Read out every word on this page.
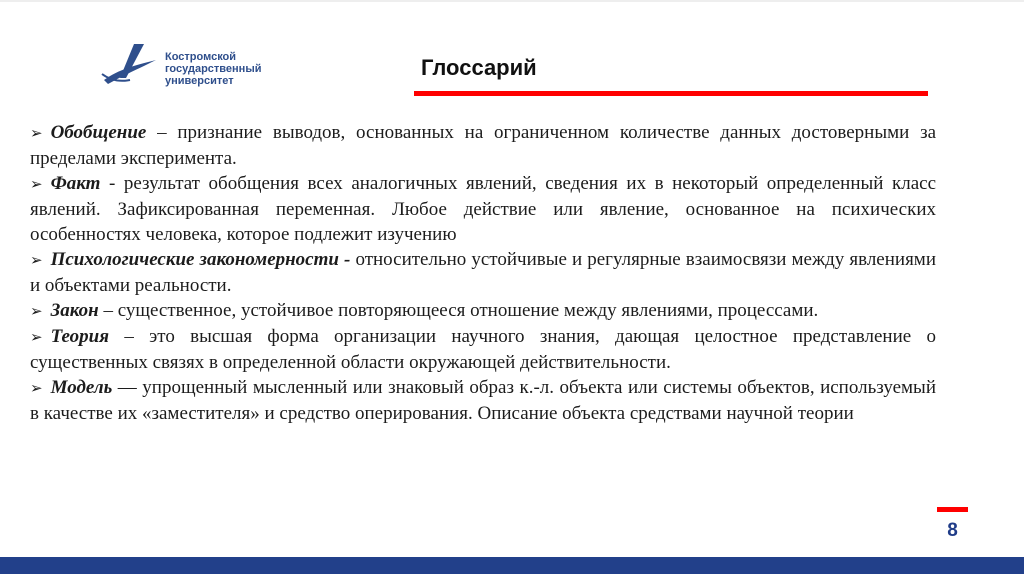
Костромской
государственный
университет
Глоссарий

➢ Обобщение – признание выводов, основанных на ограниченном количестве данных достоверными за пределами эксперимента.

➢ Факт - результат обобщения всех аналогичных явлений, сведения их в некоторый определенный класс явлений. Зафиксированная переменная. Любое действие или явление, основанное на психических особенностях человека, которое подлежит изучению

➢ Психологические закономерности - относительно устойчивые и регулярные взаимосвязи между явлениями и объектами реальности.

➢ Закон – существенное, устойчивое повторяющееся отношение между явлениями, процессами.

➢ Теория – это высшая форма организации научного знания, дающая целостное представление о существенных связях в определенной области окружающей действительности.

➢ Модель — упрощенный мысленный или знаковый образ к.-л. объекта или системы объектов, используемый в качестве их «заместителя» и средство оперирования. Описание объекта средствами научной теории

8
